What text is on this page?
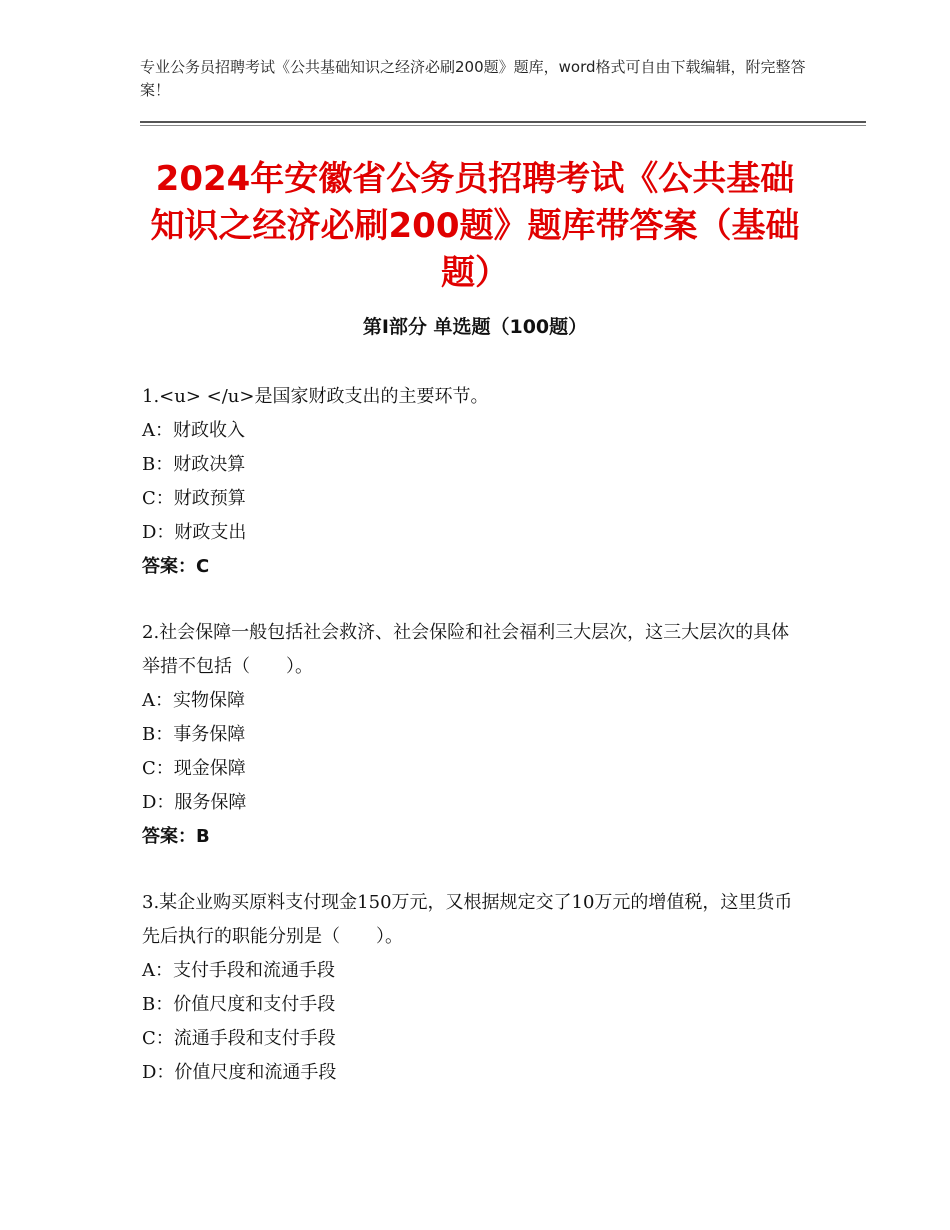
专业公务员招聘考试《公共基础知识之经济必刷200题》题库，word格式可自由下载编辑，附完整答案！
2024年安徽省公务员招聘考试《公共基础知识之经济必刷200题》题库带答案（基础题）
第I部分 单选题（100题）
1.<u> </u>是国家财政支出的主要环节。
A：财政收入
B：财政决算
C：财政预算
D：财政支出
答案：C
2.社会保障一般包括社会救济、社会保险和社会福利三大层次，这三大层次的具体举措不包括（　　）。
A：实物保障
B：事务保障
C：现金保障
D：服务保障
答案：B
3.某企业购买原料支付现金150万元，又根据规定交了10万元的增值税，这里货币先后执行的职能分别是（　　）。
A：支付手段和流通手段
B：价值尺度和支付手段
C：流通手段和支付手段
D：价值尺度和流通手段
